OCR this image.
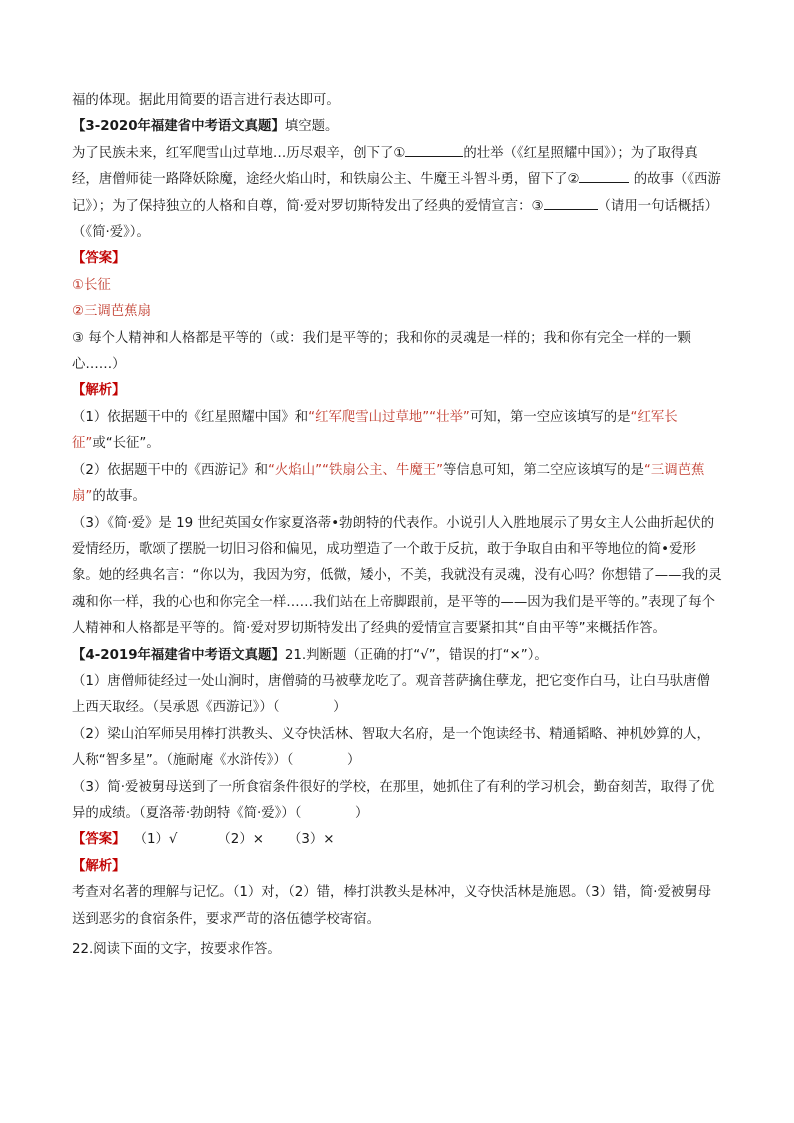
福的体现。据此用简要的语言进行表达即可。

【3-2020年福建省中考语文真题】填空题。

为了民族未来，红军爬雪山过草地…历尽艰辛，创下了①	的壮举（《红星照耀中国》）；为了取得真经，唐僧师徒一路降妖除魔，途经火焰山时，和铁扇公主、牛魔王斗智斗勇，留下了②	的故事（《西游记》）；为了保持独立的人格和自尊，简·爱对罗切斯特发出了经典的爱情宣言：③	（请用一句话概括）（《简·爱》）。

【答案】

①长征

②三调芭蕉扇

③ 每个人精神和人格都是平等的（或：我们是平等的；我和你的灵魂是一样的；我和你有完全一样的一颗心……）

【解析】

（1）依据题干中的《红星照耀中国》和“红军爬雪山过草地”“壮举”可知，第一空应该填写的是“红军长征”或“长征”。

（2）依据题干中的《西游记》和“火焰山”“铁扇公主、牛魔王”等信息可知，第二空应该填写的是“三调芭蕉扇”的故事。

（3）《简·爱》是 19 世纪英国女作家夏洛蒂•勃朗特的代表作。小说引人入胜地展示了男女主人公曲折起伏的爱情经历，歌颂了摆脱一切旧习俗和偏见，成功塑造了一个敢于反抗，敢于争取自由和平等地位的简•爱形象。她的经典名言：“你以为，我因为穷，低微，矮小，不美，我就没有灵魂，没有心吗？你想错了——我的灵魂和你一样，我的心也和你完全一样……我们站在上帝脚跟前，是平等的——因为我们是平等的。”表现了每个人精神和人格都是平等的。简·爱对罗切斯特发出了经典的爱情宣言要紧扣其“自由平等”来概括作答。

【4-2019年福建省中考语文真题】21.判断题（正确的打“√”，错误的打“×”）。

（1）唐僧师徒经过一处山涧时，唐僧骑的马被孽龙吃了。观音菩萨擒住孽龙，把它变作白马，让白马驮唐僧上西天取经。（吴承恩《西游记》）（　　　　）

（2）梁山泊军师吴用棒打洪教头、义夺快活林、智取大名府，是一个饱读经书、精通韬略、神机妙算的人，人称“智多星”。（施耐庵《水浒传》）（　　　　）

（3）简·爱被舅母送到了一所食宿条件很好的学校，在那里，她抓住了有利的学习机会，勤奋刻苦，取得了优异的成绩。（夏洛蒂·勃朗特《简·爱》）（　　　　）

【答案】 （1）√	（2）× （3）×

【解析】

考查对名著的理解与记忆。（1）对，（2）错，棒打洪教头是林冲，义夺快活林是施恩。（3）错，简·爱被舅母送到恶劣的食宿条件，要求严苛的洛伍德学校寄宿。

22.阅读下面的文字，按要求作答。
